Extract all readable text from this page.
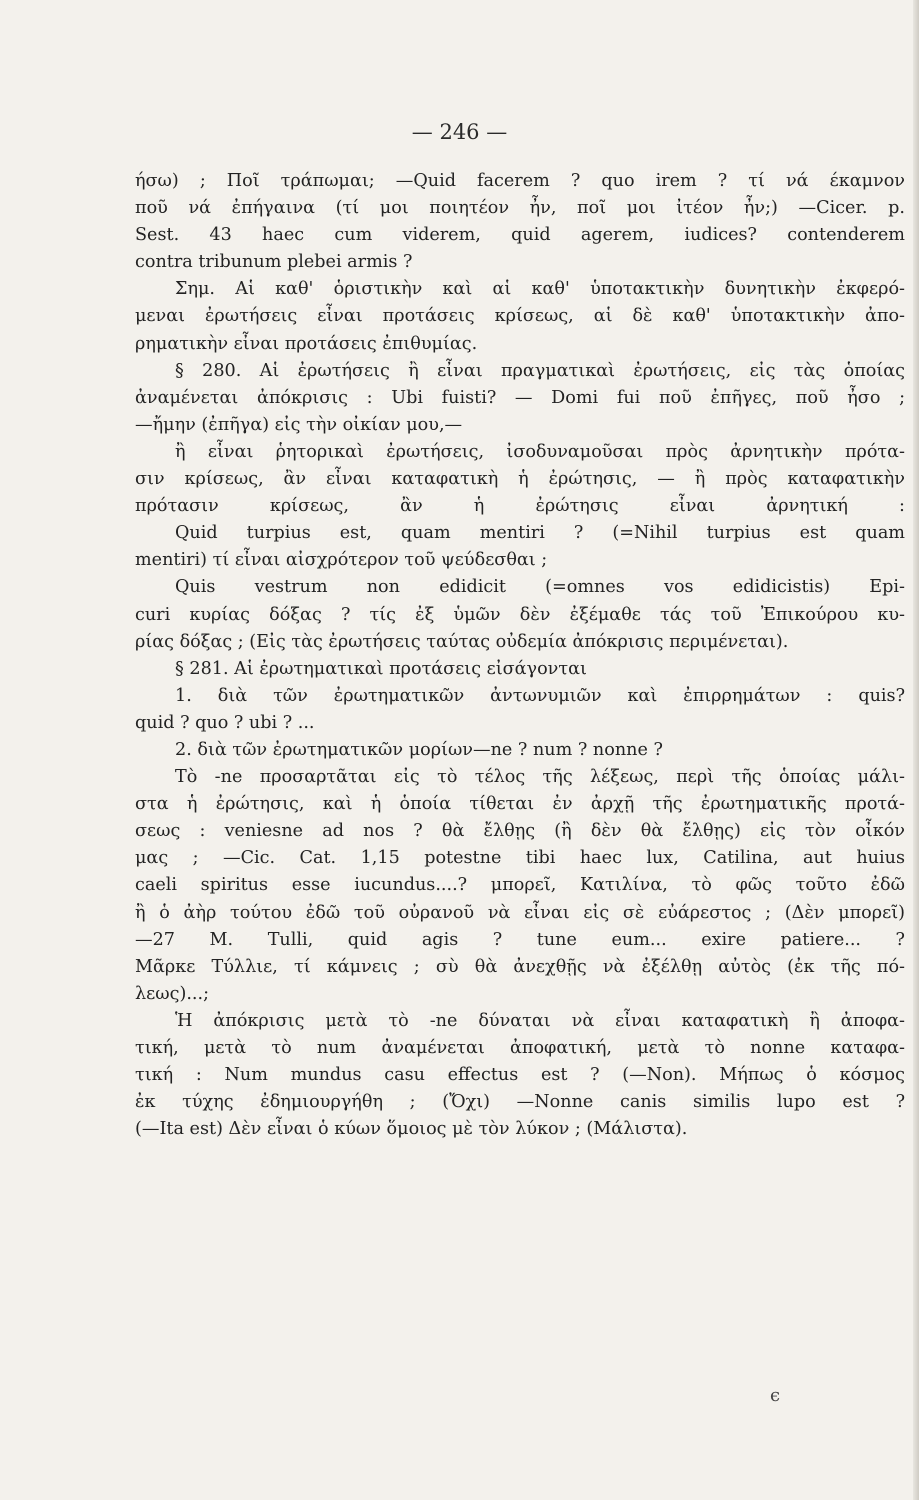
— 246 —
ήσω) ; Ποῖ τράπωμαι; —Quid facerem ? quo irem ? τί νά έκαμνον
ποῦ νά ἐπήγαινα (τί μοι ποιητέον ἦν, ποῖ μοι ἰτέον ἦν;) —Cicer. p.
Sest. 43 haec cum viderem, quid agerem, iudices? contenderem
contra tribunum plebei armis ?
Σημ. Αἱ καθ' ὁριστικὴν καὶ αἱ καθ' ὑποτακτικὴν δυνητικὴν ἐκφερό-
μεναι ἐρωτήσεις εἶναι προτάσεις κρίσεως, αἱ δὲ καθ' ὑποτακτικὴν ἀπο-
ρηματικὴν εἶναι προτάσεις ἐπιθυμίας.
§ 280. Αἱ ἐρωτήσεις ἢ εἶναι πραγματικαὶ ἐρωτήσεις, εἰς τὰς ὁποίας
ἀναμένεται ἀπόκρισις : Ubi fuisti? — Domi fui ποῦ ἐπῆγες, ποῦ ἦσο ;
—ἤμην (ἐπῆγα) εἰς τὴν οἰκίαν μου,—
ἢ εἶναι ῥητορικαὶ ἐρωτήσεις, ἰσοδυναμοῦσαι πρὸς ἀρνητικὴν πρότα-
σιν κρίσεως, ἂν εἶναι καταφατικὴ ἡ ἐρώτησις, — ἢ πρὸς καταφατικὴν
πρότασιν κρίσεως, ἂν ἡ ἐρώτησις εἶναι ἀρνητική :
Quid turpius est, quam mentiri ? (=Nihil turpius est quam
mentiri) τί εἶναι αἰσχρότερον τοῦ ψεύδεσθαι ;
Quis vestrum non edidicit (=omnes vos edidicistis) Epi-
curi κυρίας δόξας ? τίς ἐξ ὑμῶν δὲν ἐξέμαθε τάς τοῦ Ἐπικούρου κυ-
ρίας δόξας ; (Εἰς τὰς ἐρωτήσεις ταύτας οὐδεμία ἀπόκρισις περιμένεται).
§ 281. Αἱ ἐρωτηματικαὶ προτάσεις εἰσάγονται
1. διὰ τῶν ἐρωτηματικῶν ἀντωνυμιῶν καὶ ἐπιρρημάτων : quis?
quid ? quo ? ubi ? ...
2. διὰ τῶν ἐρωτηματικῶν μορίων—ne ? num ? nonne ?
Τὸ -ne προσαρτᾶται εἰς τὸ τέλος τῆς λέξεως, περὶ τῆς ὁποίας μάλι-
στα ἡ ἐρώτησις, καὶ ἡ ὁποία τίθεται ἐν ἀρχῇ τῆς ἐρωτηματικῆς προτά-
σεως : veniesne ad nos ? θὰ ἔλθῃς (ἢ δὲν θὰ ἔλθῃς) εἰς τὸν οἶκόν
μας ; —Cic. Cat. 1,15 potestne tibi haec lux, Catilina, aut huius
caeli spiritus esse iucundus....? μπορεῖ, Κατιλίνα, τὸ φῶς τοῦτο ἐδῶ
ἢ ὁ ἀὴρ τούτου ἐδῶ τοῦ οὐρανοῦ νὰ εἶναι εἰς σὲ εὐάρεστος ; (Δὲν μπορεῖ)
—27 M. Tulli, quid agis ? tune eum... exire patiere... ?
Μᾶρκε Τύλλιε, τί κάμνεις ; σὺ θὰ ἀνεχθῇς νὰ ἐξέλθῃ αὐτὸς (ἐκ τῆς πό-
λεως)...;
Ἡ ἀπόκρισις μετὰ τὸ -ne δύναται νὰ εἶναι καταφατικὴ ἢ ἀποφα-
τική, μετὰ τὸ num ἀναμένεται ἀποφατική, μετὰ τὸ nonne καταφα-
τική : Num mundus casu effectus est ? (—Non). Μήπως ὁ κόσμος
ἐκ τύχης ἐδημιουργήθη ; (Ὄχι) —Nonne canis similis lupo est ?
(—Ita est) Δὲν εἶναι ὁ κύων ὅμοιος μὲ τὸν λύκον ; (Μάλιστα).
ϵ
